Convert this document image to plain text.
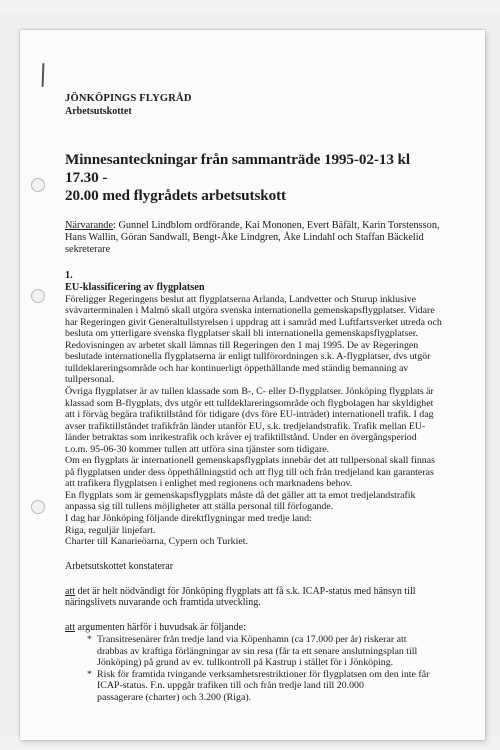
JÖNKÖPINGS FLYGRÅD
Arbetsutskottet
Minnesanteckningar från sammanträde 1995-02-13 kl 17.30 -
20.00 med flygrådets arbetsutskott
Närvarande: Gunnel Lindblom ordförande, Kai Mononen, Evert Bäfält, Karin Torstensson, Hans Wallin, Göran Sandwall, Bengt-Åke Lindgren, Åke Lindahl och Staffan Bäckelid sekreterare
1.
EU-klassificering av flygplatsen
Föreligger Regeringens beslut att flygplatserna Arlanda, Landvetter och Sturup inklusive
svävarterminalen i Malmö skall utgöra svenska internationella gemenskapsflygplatser. Vidare
har Regeringen givit Generaltullstyrelsen i uppdrag att i samråd med Luftfartsverket utreda och
besluta om ytterligare svenska flygplatser skall bli internationella gemenskapsflygplatser.
Redovisningen av arbetet skall lämnas till Regeringen den 1 maj 1995. De av Regeringen
beslutade internationella flygplatserna är enligt tullförordningen s.k. A-flygplatser, dvs utgör
tulldeklareringsområde och har kontinuerligt öppethållande med ständig bemanning av
tullpersonal.
Övriga flygplatser är av tullen klassade som B-, C- eller D-flygplatser. Jönköping flygplats är
klassad som B-flygplats, dvs utgör ett tulldeklareringsområde och flygbolagen har skyldighet
att i förväg begära trafiktillstånd för tidigare (dvs före EU-inträdet) internationell trafik. I dag
avser trafiktillståndet trafikfrån länder utanför EU, s.k. tredjelandstrafik. Trafik mellan EU-
länder betraktas som inrikestrafik och kräver ej trafiktillstånd. Under en övergångsperiod
t.o.m. 95-06-30 kommer tullen att utföra sina tjänster som tidigare.
Om en flygplats är internationell gemenskapsflygplats innebär det att tullpersonal skall finnas
på flygplatsen under dess öppethållningstid och att flyg till och från tredjeland kan garanteras
att trafikera flygplatsen i enlighet med regionens och marknadens behov.
En flygplats som är gemenskapsflygplats måste då det gäller att ta emot tredjelandstrafik
anpassa sig till tullens möjligheter att ställa personal till förfogande.
I dag har Jönköping följande direktflygningar med tredje land:
Riga, reguljär linjefart.
Charter till Kanarieöarna, Cypern och Turkiet.
Arbetsutskottet konstaterar
att det är helt nödvändigt för Jönköping flygplats att få s.k. ICAP-status med hänsyn till
näringslivets nuvarande och framtida utveckling.
att argumenten härför i huvudsak är följande:
* Transitresenärer från tredje land via Köpenhamn (ca 17.000 per år) riskerar att
drabbas av kraftiga förlängningar av sin resa (får ta ett senare anslutningsplan till
Jönköping) på grund av ev. tullkontroll på Kastrup i stället för i Jönköping.
* Risk för framtida tvingande verksamhetsrestriktioner för flygplatsen om den inte får
ICAP-status. F.n. uppgår trafiken till och från tredje land till 20.000
passagerare (charter) och 3.200 (Riga).
